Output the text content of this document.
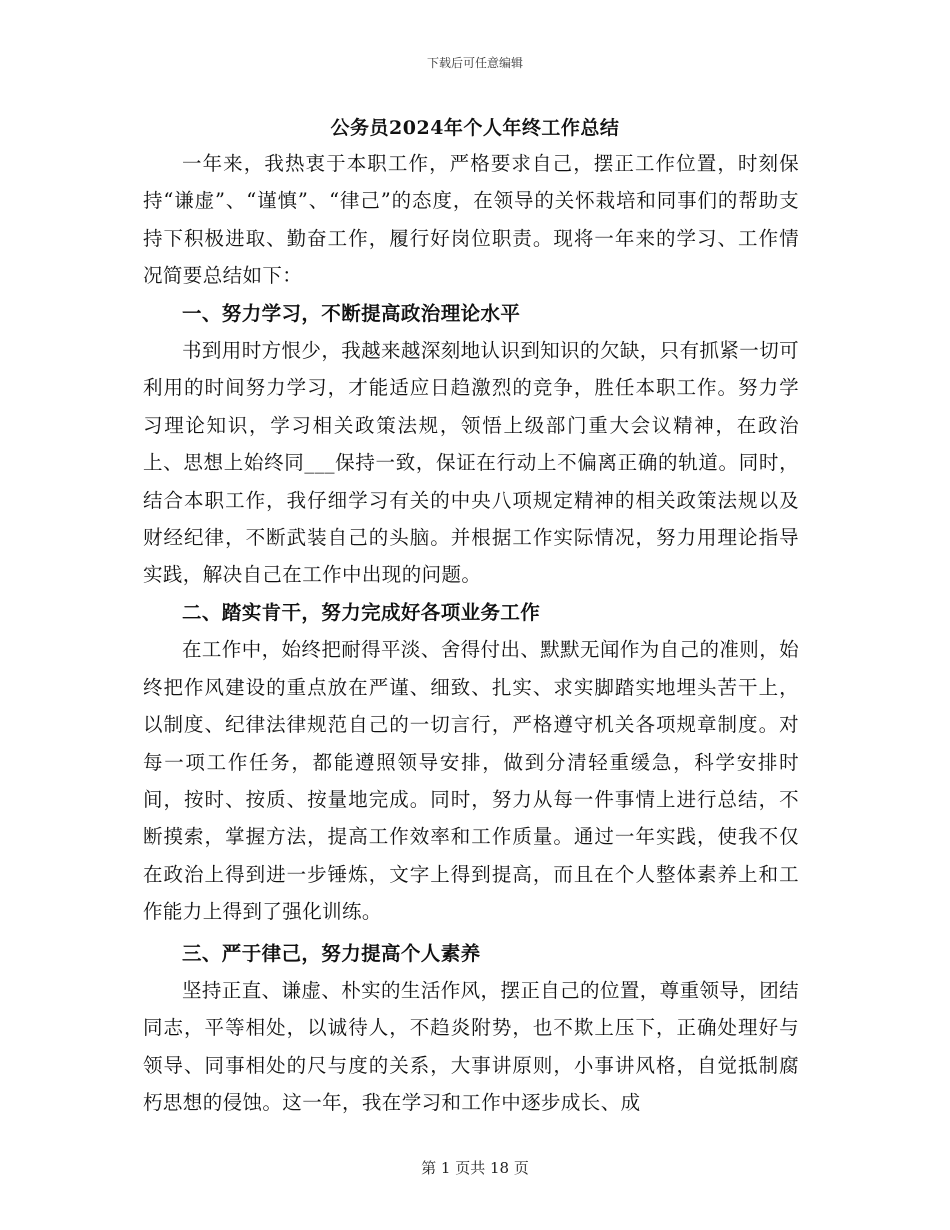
下载后可任意编辑
公务员2024年个人年终工作总结

一年来，我热衷于本职工作，严格要求自己，摆正工作位置，时刻保持“谦虚”、“谨慎”、“律己”的态度，在领导的关怀栽培和同事们的帮助支持下积极进取、勤奋工作，履行好岗位职责。现将一年来的学习、工作情况简要总结如下：

一、努力学习，不断提高政治理论水平

书到用时方恨少，我越来越深刻地认识到知识的欠缺，只有抓紧一切可利用的时间努力学习，才能适应日趋激烈的竞争，胜任本职工作。努力学习理论知识，学习相关政策法规，领悟上级部门重大会议精神，在政治上、思想上始终同___保持一致，保证在行动上不偏离正确的轨道。同时，结合本职工作，我仔细学习有关的中央八项规定精神的相关政策法规以及财经纪律，不断武装自己的头脑。并根据工作实际情况，努力用理论指导实践，解决自己在工作中出现的问题。

二、踏实肯干，努力完成好各项业务工作

在工作中，始终把耐得平淡、舍得付出、默默无闻作为自己的准则，始终把作风建设的重点放在严谨、细致、扎实、求实脚踏实地埋头苦干上，以制度、纪律法律规范自己的一切言行，严格遵守机关各项规章制度。对每一项工作任务，都能遵照领导安排，做到分清轻重缓急，科学安排时间，按时、按质、按量地完成。同时，努力从每一件事情上进行总结，不断摸索，掌握方法，提高工作效率和工作质量。通过一年实践，使我不仅在政治上得到进一步锤炼，文字上得到提高，而且在个人整体素养上和工作能力上得到了强化训练。

三、严于律己，努力提高个人素养

坚持正直、谦虚、朴实的生活作风，摆正自己的位置，尊重领导，团结同志，平等相处，以诚待人，不趋炎附势，也不欺上压下，正确处理好与领导、同事相处的尺与度的关系，大事讲原则，小事讲风格，自觉抵制腐朽思想的侵蚀。这一年，我在学习和工作中逐步成长、成

第 1 页共 18 页
